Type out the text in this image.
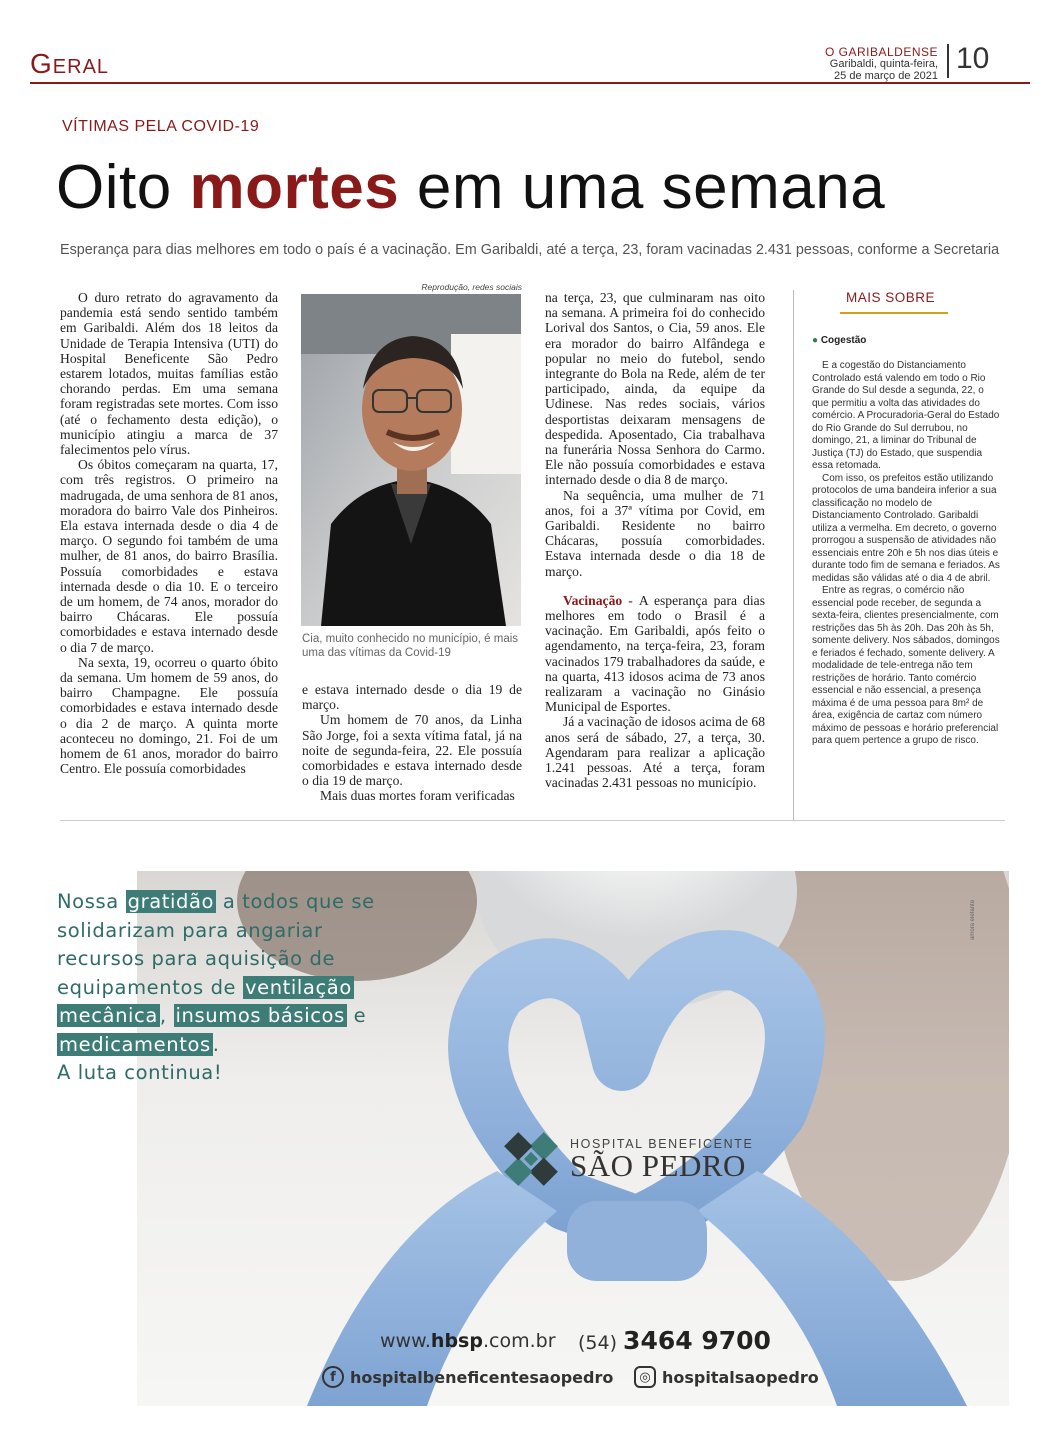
Geral	O GARIBALDENSE
Garibaldi, quinta-feira,
25 de março de 2021
10
VÍTIMAS PELA COVID-19
Oito mortes em uma semana
Esperança para dias melhores em todo o país é a vacinação. Em Garibaldi, até a terça, 23, foram vacinadas 2.431 pessoas, conforme a Secretaria

O duro retrato do agravamento da pandemia está sendo sentido também em Garibaldi. Além dos 18 leitos da Unidade de Terapia Intensiva (UTI) do Hospital Beneficente São Pedro estarem lotados, muitas famílias estão chorando perdas. Em uma semana foram registradas sete mortes. Com isso (até o fechamento desta edição), o município atingiu a marca de 37 falecimentos pelo vírus.

Os óbitos começaram na quarta, 17, com três registros. O primeiro na madrugada, de uma senhora de 81 anos, moradora do bairro Vale dos Pinheiros. Ela estava internada desde o dia 4 de março. O segundo foi também de uma mulher, de 81 anos, do bairro Brasília. Possuía comorbidades e estava internada desde o dia 10. E o terceiro de um homem, de 74 anos, morador do bairro Chácaras. Ele possuía comorbidades e estava internado desde o dia 7 de março.

Na sexta, 19, ocorreu o quarto óbito da semana. Um homem de 59 anos, do bairro Champagne. Ele possuía comorbidades e estava internado desde o dia 2 de março. A quinta morte aconteceu no domingo, 21. Foi de um homem de 61 anos, morador do bairro Centro. Ele possuía comorbidades

Reprodução, redes sociais
Cia, muito conhecido no município, é mais uma das vítimas da Covid-19

e estava internado desde o dia 19 de março.

Um homem de 70 anos, da Linha São Jorge, foi a sexta vítima fatal, já na noite de segunda-feira, 22. Ele possuía comorbidades e estava internado desde o dia 19 de março.

Mais duas mortes foram verificadas

na terça, 23, que culminaram nas oito na semana. A primeira foi do conhecido Lorival dos Santos, o Cia, 59 anos. Ele era morador do bairro Alfândega e popular no meio do futebol, sendo integrante do Bola na Rede, além de ter participado, ainda, da equipe da Udinese. Nas redes sociais, vários desportistas deixaram mensagens de despedida. Aposentado, Cia trabalhava na funerária Nossa Senhora do Carmo. Ele não possuía comorbidades e estava internado desde o dia 8 de março.

Na sequência, uma mulher de 71 anos, foi a 37ª vítima por Covid, em Garibaldi. Residente no bairro Chácaras, possuía comorbidades. Estava internada desde o dia 18 de março.

Vacinação - A esperança para dias melhores em todo o Brasil é a vacinação. Em Garibaldi, após feito o agendamento, na terça-feira, 23, foram vacinados 179 trabalhadores da saúde, e na quarta, 413 idosos acima de 73 anos realizaram a vacinação no Ginásio Municipal de Esportes.

Já a vacinação de idosos acima de 68 anos será de sábado, 27, a terça, 30. Agendaram para realizar a aplicação 1.241 pessoas. Até a terça, foram vacinadas 2.431 pessoas no município.

MAIS SOBRE
● Cogestão

E a cogestão do Distanciamento Controlado está valendo em todo o Rio Grande do Sul desde a segunda, 22, o que permitiu a volta das atividades do comércio. A Procuradoria-Geral do Estado do Rio Grande do Sul derrubou, no domingo, 21, a liminar do Tribunal de Justiça (TJ) do Estado, que suspendia essa retomada.

Com isso, os prefeitos estão utilizando protocolos de uma bandeira inferior a sua classificação no modelo de Distanciamento Controlado. Garibaldi utiliza a vermelha. Em decreto, o governo prorrogou a suspensão de atividades não essenciais entre 20h e 5h nos dias úteis e durante todo fim de semana e feriados. As medidas são válidas até o dia 4 de abril.

Entre as regras, o comércio não essencial pode receber, de segunda a sexta-feira, clientes presencialmente, com restrições das 5h às 20h. Das 20h às 5h, somente delivery. Nos sábados, domingos e feriados é fechado, somente delivery. A modalidade de tele-entrega não tem restrições de horário. Tanto comércio essencial e não essencial, a presença máxima é de uma pessoa para 8m² de área, exigência de cartaz com número máximo de pessoas e horário preferencial para quem pertence a grupo de risco.

amora elefante
Nossa gratidão a todos que se solidarizam para angariar recursos para aquisição de equipamentos de ventilação mecânica , insumos básicos e medicamentos .
A luta continua!
HOSPITAL BENEFICENTE
SÃO PEDRO
www.hbsp.com.br (54) 3464 9700
f hospitalbeneficentesaopedro	◎ hospitalsaopedro
